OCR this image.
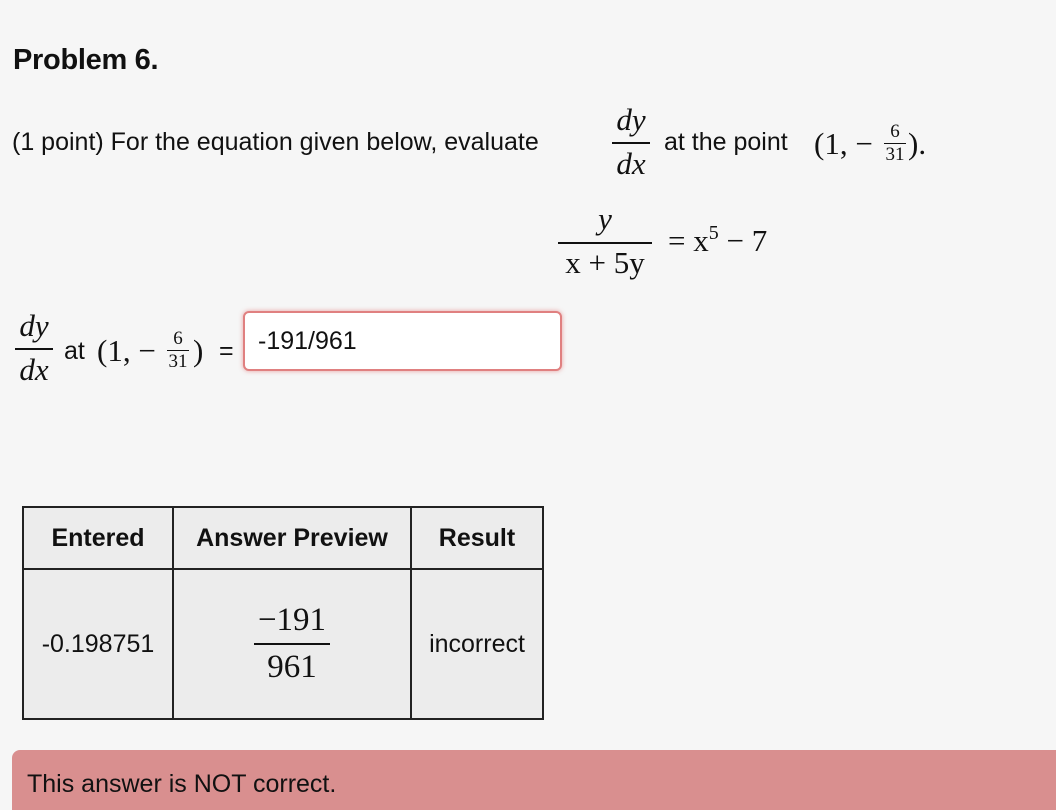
Problem 6.
(1 point) For the equation given below, evaluate
dy
dx
at the point (1, − 6
31 ).
y
x + 5y
= $x^5 - 7$
dy
dx
at (1, − 6
31 ) =
-191/961
Entered	Answer Preview	Result
-0.198751	$\frac{-191}{961}$	incorrect
This answer is NOT correct.
